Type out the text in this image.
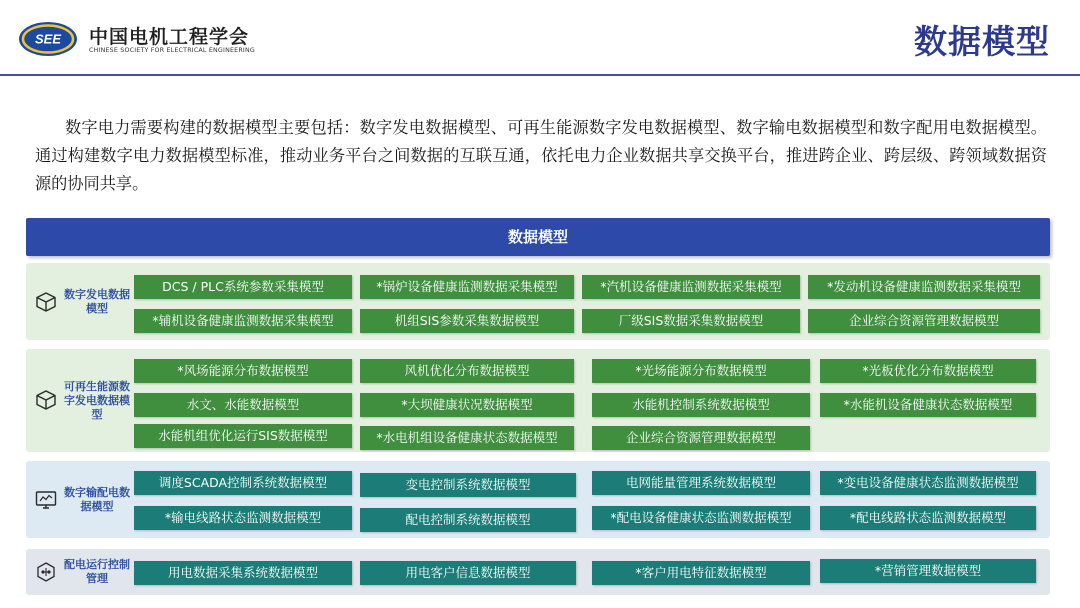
SEE 中国电机工程学会
CHINESE SOCIETY FOR ELECTRICAL ENGINEERING	数据模型
数字电力需要构建的数据模型主要包括：数字发电数据模型、可再生能源数字发电数据模型、数字输电数据模型和数字配用电数据模型。通过构建数字电力数据模型标准，推动业务平台之间数据的互联互通，依托电力企业数据共享交换平台，推进跨企业、跨层级、跨领域数据资源的协同共享。
数据模型
数字发电数据模型
DCS / PLC系统参数采集模型	*锅炉设备健康监测数据采集模型	*汽机设备健康监测数据采集模型	*发动机设备健康监测数据采集模型
*辅机设备健康监测数据采集模型	机组SIS参数采集数据模型	厂级SIS数据采集数据模型	企业综合资源管理数据模型
可再生能源数字发电数据模型
*风场能源分布数据模型	风机优化分布数据模型	*光场能源分布数据模型	*光板优化分布数据模型
水文、水能数据模型	*大坝健康状况数据模型	水能机控制系统数据模型	*水能机设备健康状态数据模型
水能机组优化运行SIS数据模型	*水电机组设备健康状态数据模型	企业综合资源管理数据模型
数字输配电数据模型
调度SCADA控制系统数据模型	变电控制系统数据模型	电网能量管理系统数据模型	*变电设备健康状态监测数据模型
*输电线路状态监测数据模型	配电控制系统数据模型	*配电设备健康状态监测数据模型	*配电线路状态监测数据模型
配电运行控制管理	用电数据采集系统数据模型	用电客户信息数据模型	*客户用电特征数据模型	*营销管理数据模型
